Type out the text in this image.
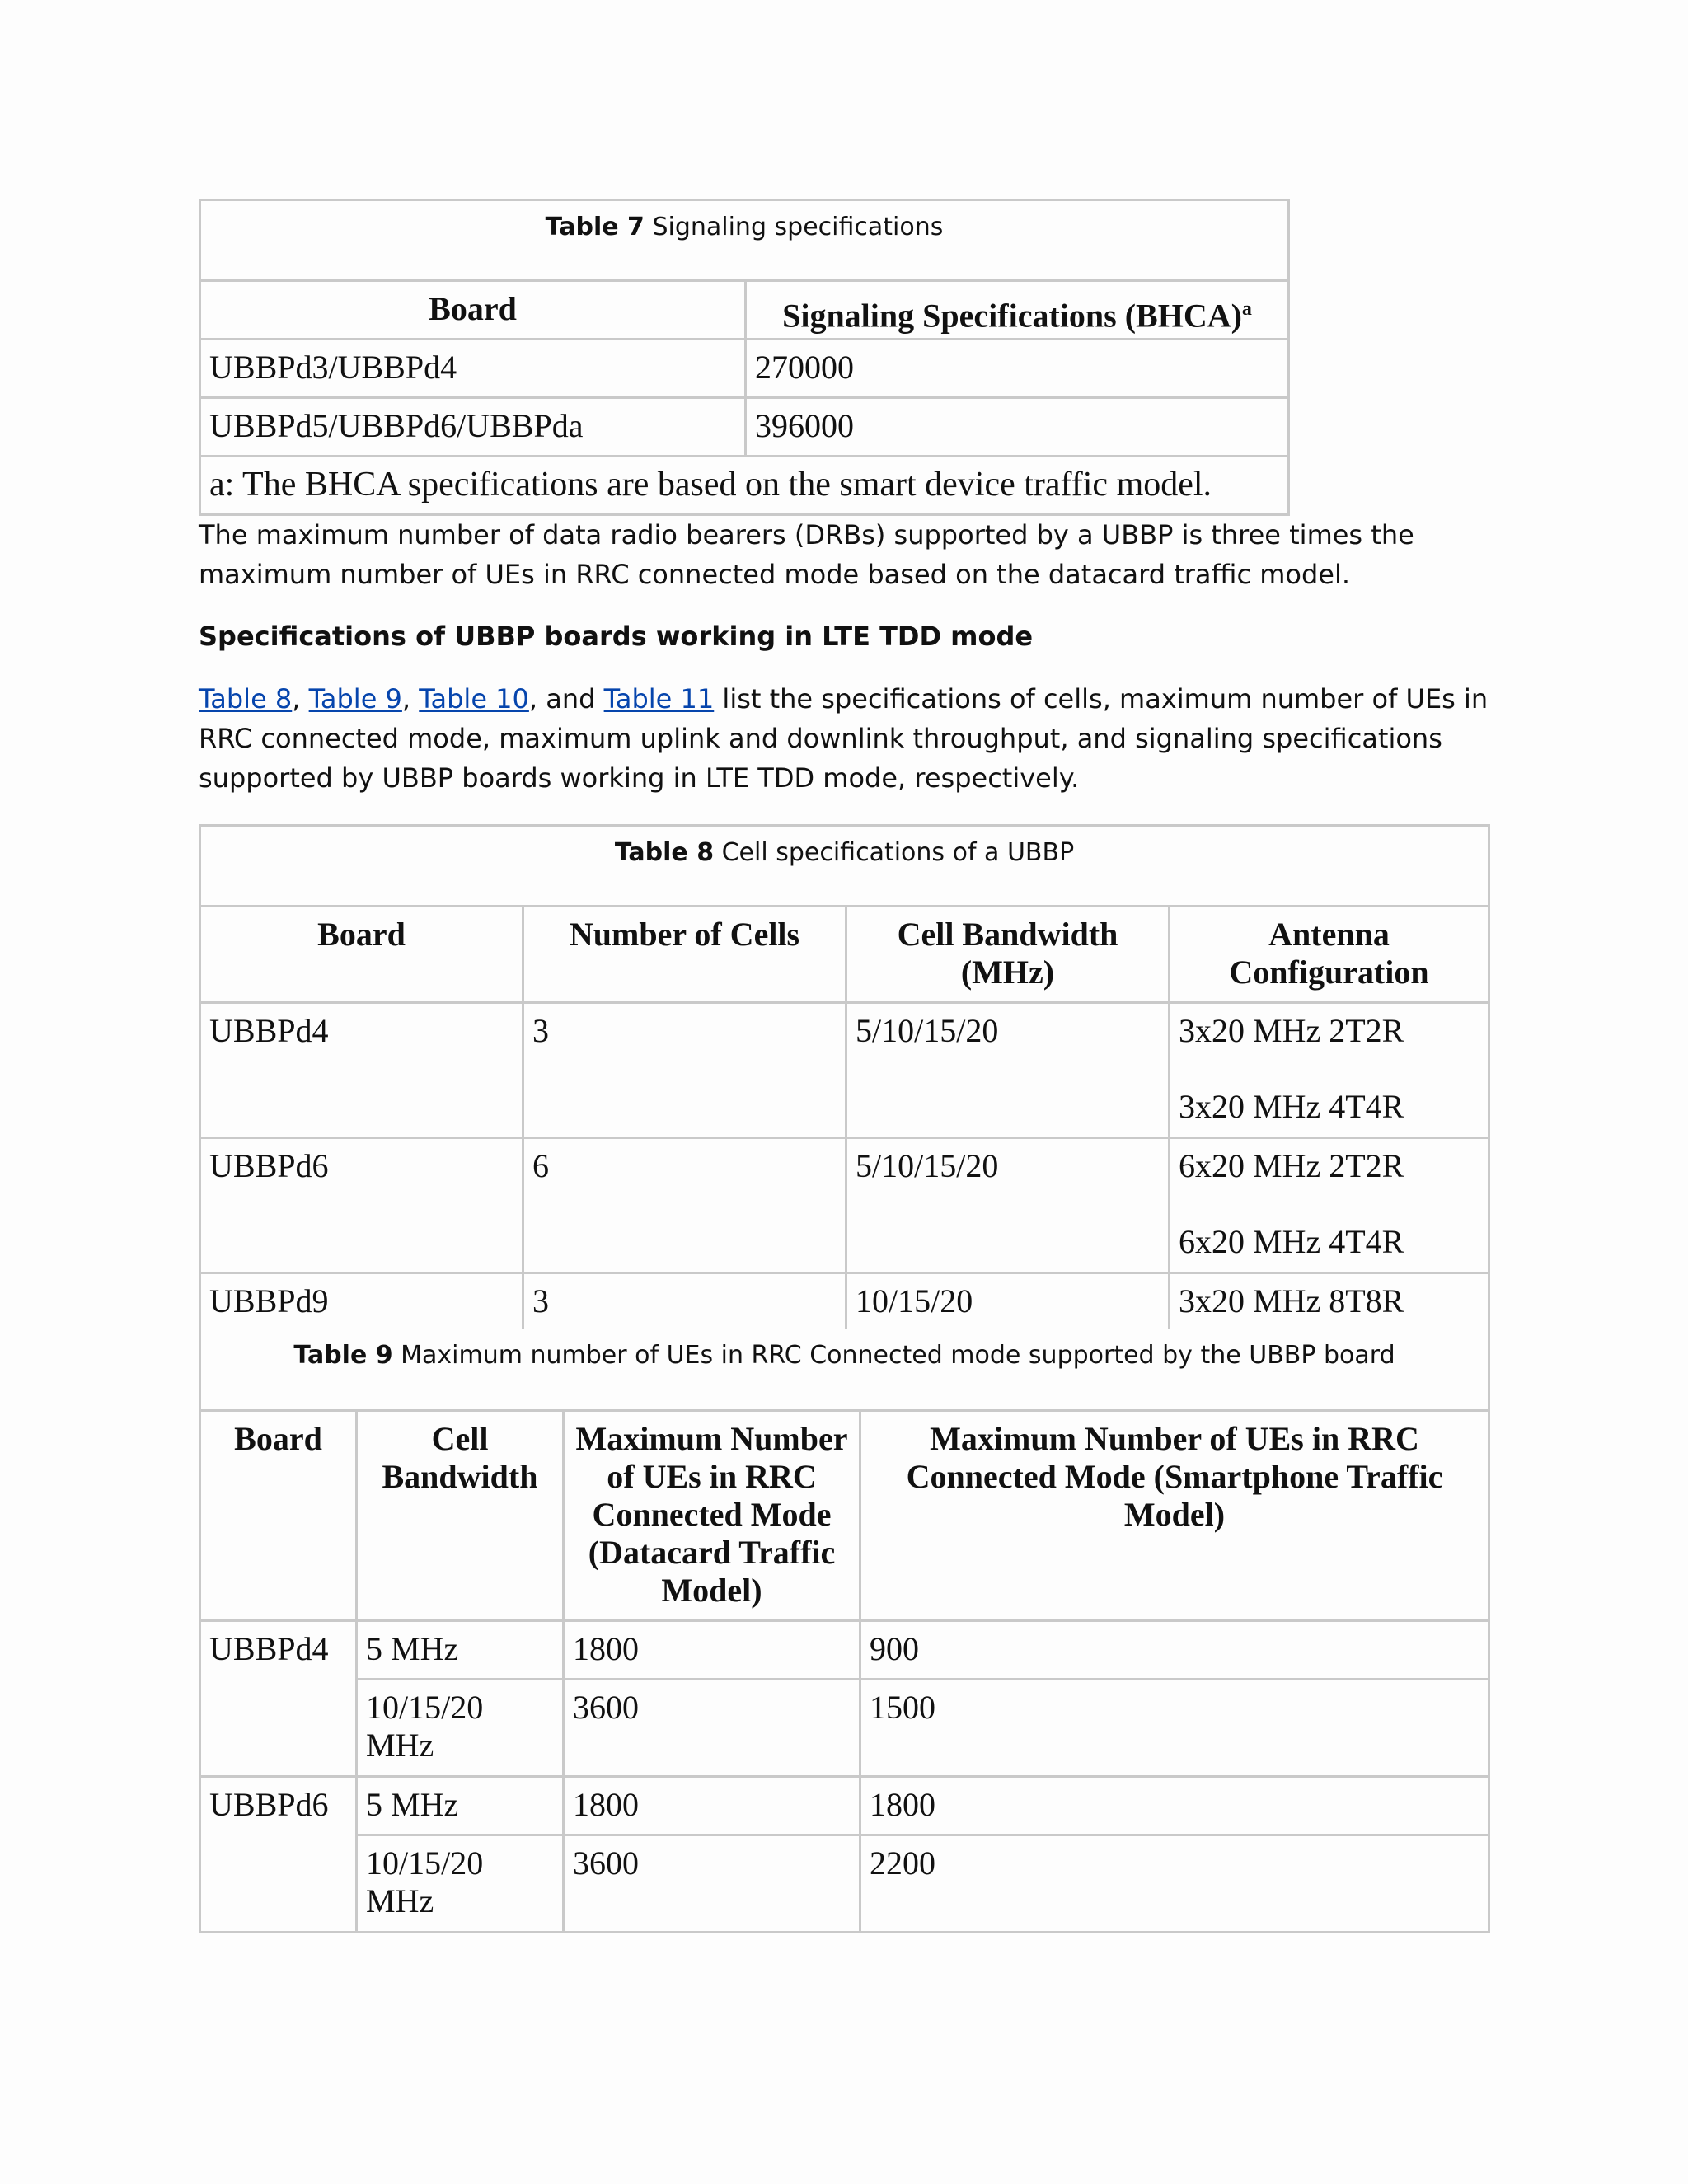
Table 7 Signaling specifications	
Board	Signaling Specifications (BHCA)$^a$
UBBPd3/UBBPd4	270000
UBBPd5/UBBPd6/UBBPda	396000
a: The BHCA specifications are based on the smart device traffic model.	
The maximum number of data radio bearers (DRBs) supported by a UBBP is three times the maximum number of UEs in RRC connected mode based on the datacard traffic model.
Specifications of UBBP boards working in LTE TDD mode
Table 8, Table 9, Table 10, and Table 11 list the specifications of cells, maximum number of UEs in RRC connected mode, maximum uplink and downlink throughput, and signaling specifications supported by UBBP boards working in LTE TDD mode, respectively.
Table 8 Cell specifications of a UBBP			
Board	Number of Cells	Cell Bandwidth (MHz)	Antenna Configuration
UBBPd4	3	5/10/15/20	3x20 MHz 2T2R
3x20 MHz 4T4R

UBBPd6	6	5/10/15/20	6x20 MHz 2T2R
6x20 MHz 4T4R

UBBPd9	3	10/15/20	3x20 MHz 8T8R
Table 9 Maximum number of UEs in RRC Connected mode supported by the UBBP board			
Board	Cell Bandwidth	Maximum Number of UEs in RRC Connected Mode (Datacard Traffic Model)	Maximum Number of UEs in RRC Connected Mode (Smartphone Traffic Model)
UBBPd4	5 MHz	1800	900
	10/15/20 MHz	3600	1500
UBBPd6	5 MHz	1800	1800
	10/15/20 MHz	3600	2200
